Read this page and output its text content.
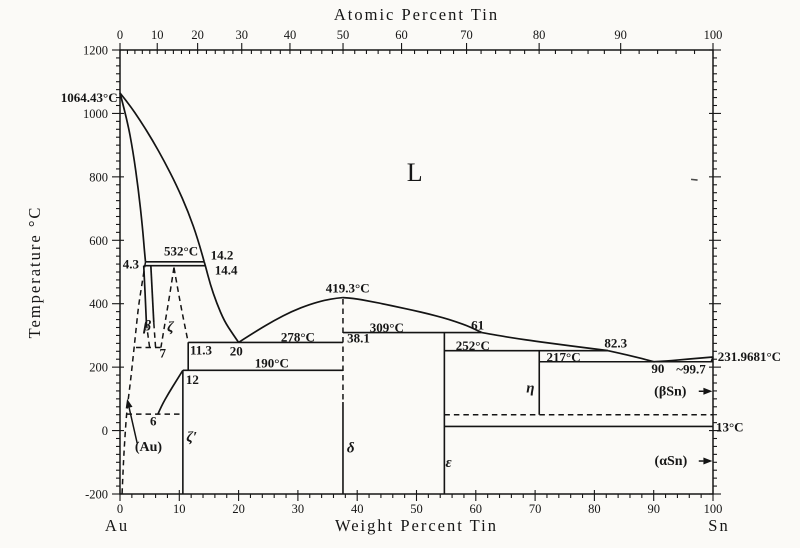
0	10	20	30	40	50	60	70	80	90	100
Weight Percent Tin
Au	Sn
0 10 20	30	40	50	60	70	80	90	100
Atomic Percent Tin
-200
0
200
400
600
800
1000
1200
Temperature °C
1064.43°C
532°C
4.3
14.2
14.4
419.3°C
278°C 38.1
309°C	61
252°C	82.3
217°C
90 ~99.7
231.9681°C
13°C
190°C
12
11.3 20
7
6
L
β ζ
ζ′
δ
ε
η
(Au)
(βSn)
(αSn)
